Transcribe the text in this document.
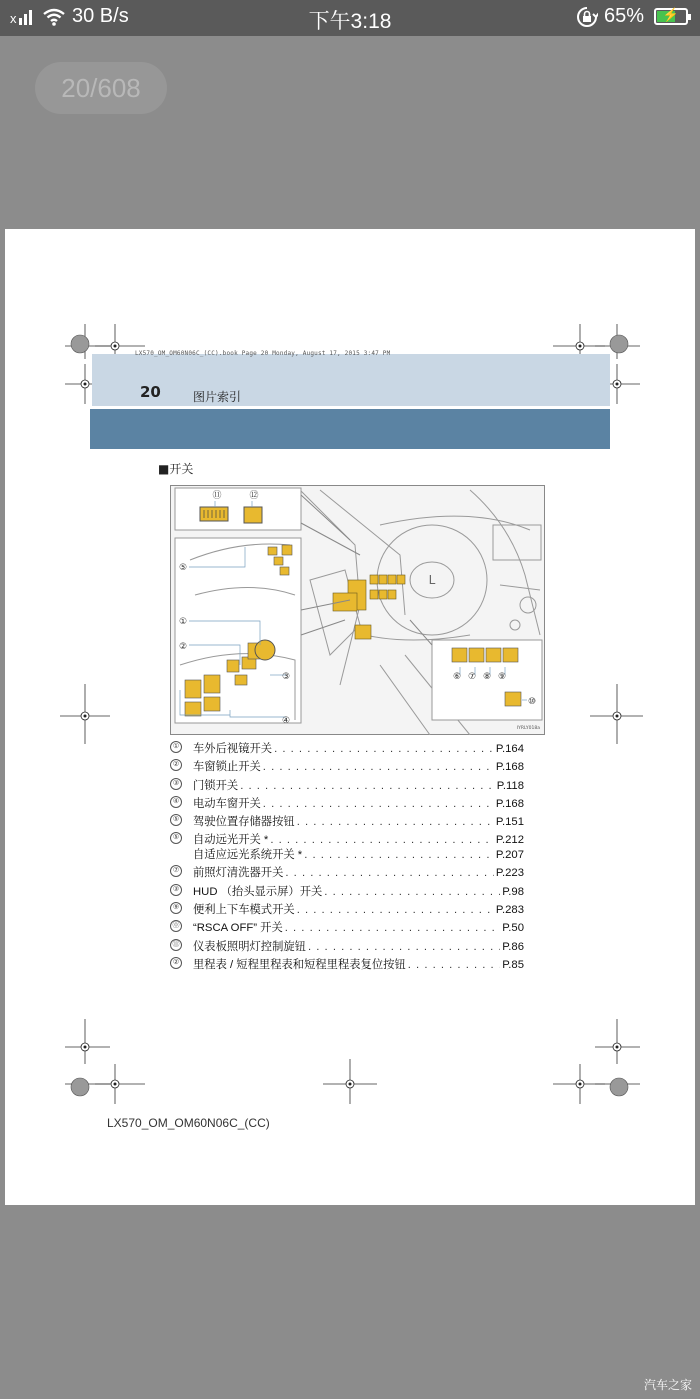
x	30 B/s	下午3:18	65%	⚡
20/608
LX570_OM_OM60N06C_(CC).book Page 20 Monday, August 17, 2015 3:47 PM
20	图片索引
■开关
L
①
②
③
④
⑤
⑥ ⑦ ⑧ ⑨
⑩
⑪	⑫
IYRLY018a
① 车外后视镜开关 . . .	P.164
② 车窗锁止开关 . . .	P.168
③ 门锁开关 . . .	P.118
④ 电动车窗开关 . . .	P.168
⑤ 驾驶位置存储器按钮 . . .	P.151
⑤ 自动远光开关 * . . .	P.212
自适应远光系统开关 * . . .	P.207
⑦ 前照灯清洗器开关 . . .	P.223
③ HUD （抬头显示屏）开关 . . .	P.98
⑨ 便利上下车模式开关 . . .	P.283
⓪ “RSCA OFF” 开关 . . .	P.50
⑪ 仪表板照明灯控制旋钮 . . .	P.86
② 里程表 / 短程里程表和短程里程表复位按钮 . . .	P.85
LX570_OM_OM60N06C_(CC)
汽车之家
